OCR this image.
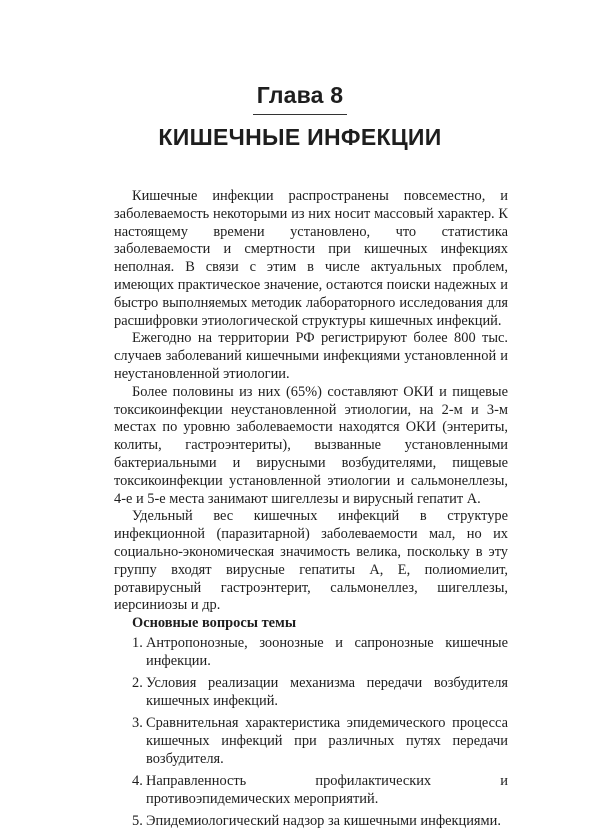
Глава 8
КИШЕЧНЫЕ ИНФЕКЦИИ

Кишечные инфекции распространены повсеместно, и заболеваемость некоторыми из них носит массовый характер. К настоящему времени установлено, что статистика заболеваемости и смертности при кишечных инфекциях неполная. В связи с этим в числе актуальных проблем, имеющих практическое значение, остаются поиски надежных и быстро выполняемых методик лабораторного исследования для расшифровки этиологической структуры кишечных инфекций.

Ежегодно на территории РФ регистрируют более 800 тыс. случаев заболеваний кишечными инфекциями установленной и неустановленной этиологии.

Более половины из них (65%) составляют ОКИ и пищевые токсикоинфекции неустановленной этиологии, на 2-м и 3-м местах по уровню заболеваемости находятся ОКИ (энтериты, колиты, гастроэнтериты), вызванные установленными бактериальными и вирусными возбудителями, пищевые токсикоинфекции установленной этиологии и сальмонеллезы, 4-е и 5-е места занимают шигеллезы и вирусный гепатит А.

Удельный вес кишечных инфекций в структуре инфекционной (паразитарной) заболеваемости мал, но их социально-экономическая значимость велика, поскольку в эту группу входят вирусные гепатиты А, Е, полиомиелит, ротавирусный гастроэнтерит, сальмонеллез, шигеллезы, иерсиниозы и др.

Основные вопросы темы

1. Антропонозные, зоонозные и сапронозные кишечные инфекции.
2. Условия реализации механизма передачи возбудителя кишечных инфекций.
3. Сравнительная характеристика эпидемического процесса кишечных инфекций при различных путях передачи возбудителя.
4. Направленность профилактических и противоэпидемических мероприятий.
5. Эпидемиологический надзор за кишечными инфекциями.
